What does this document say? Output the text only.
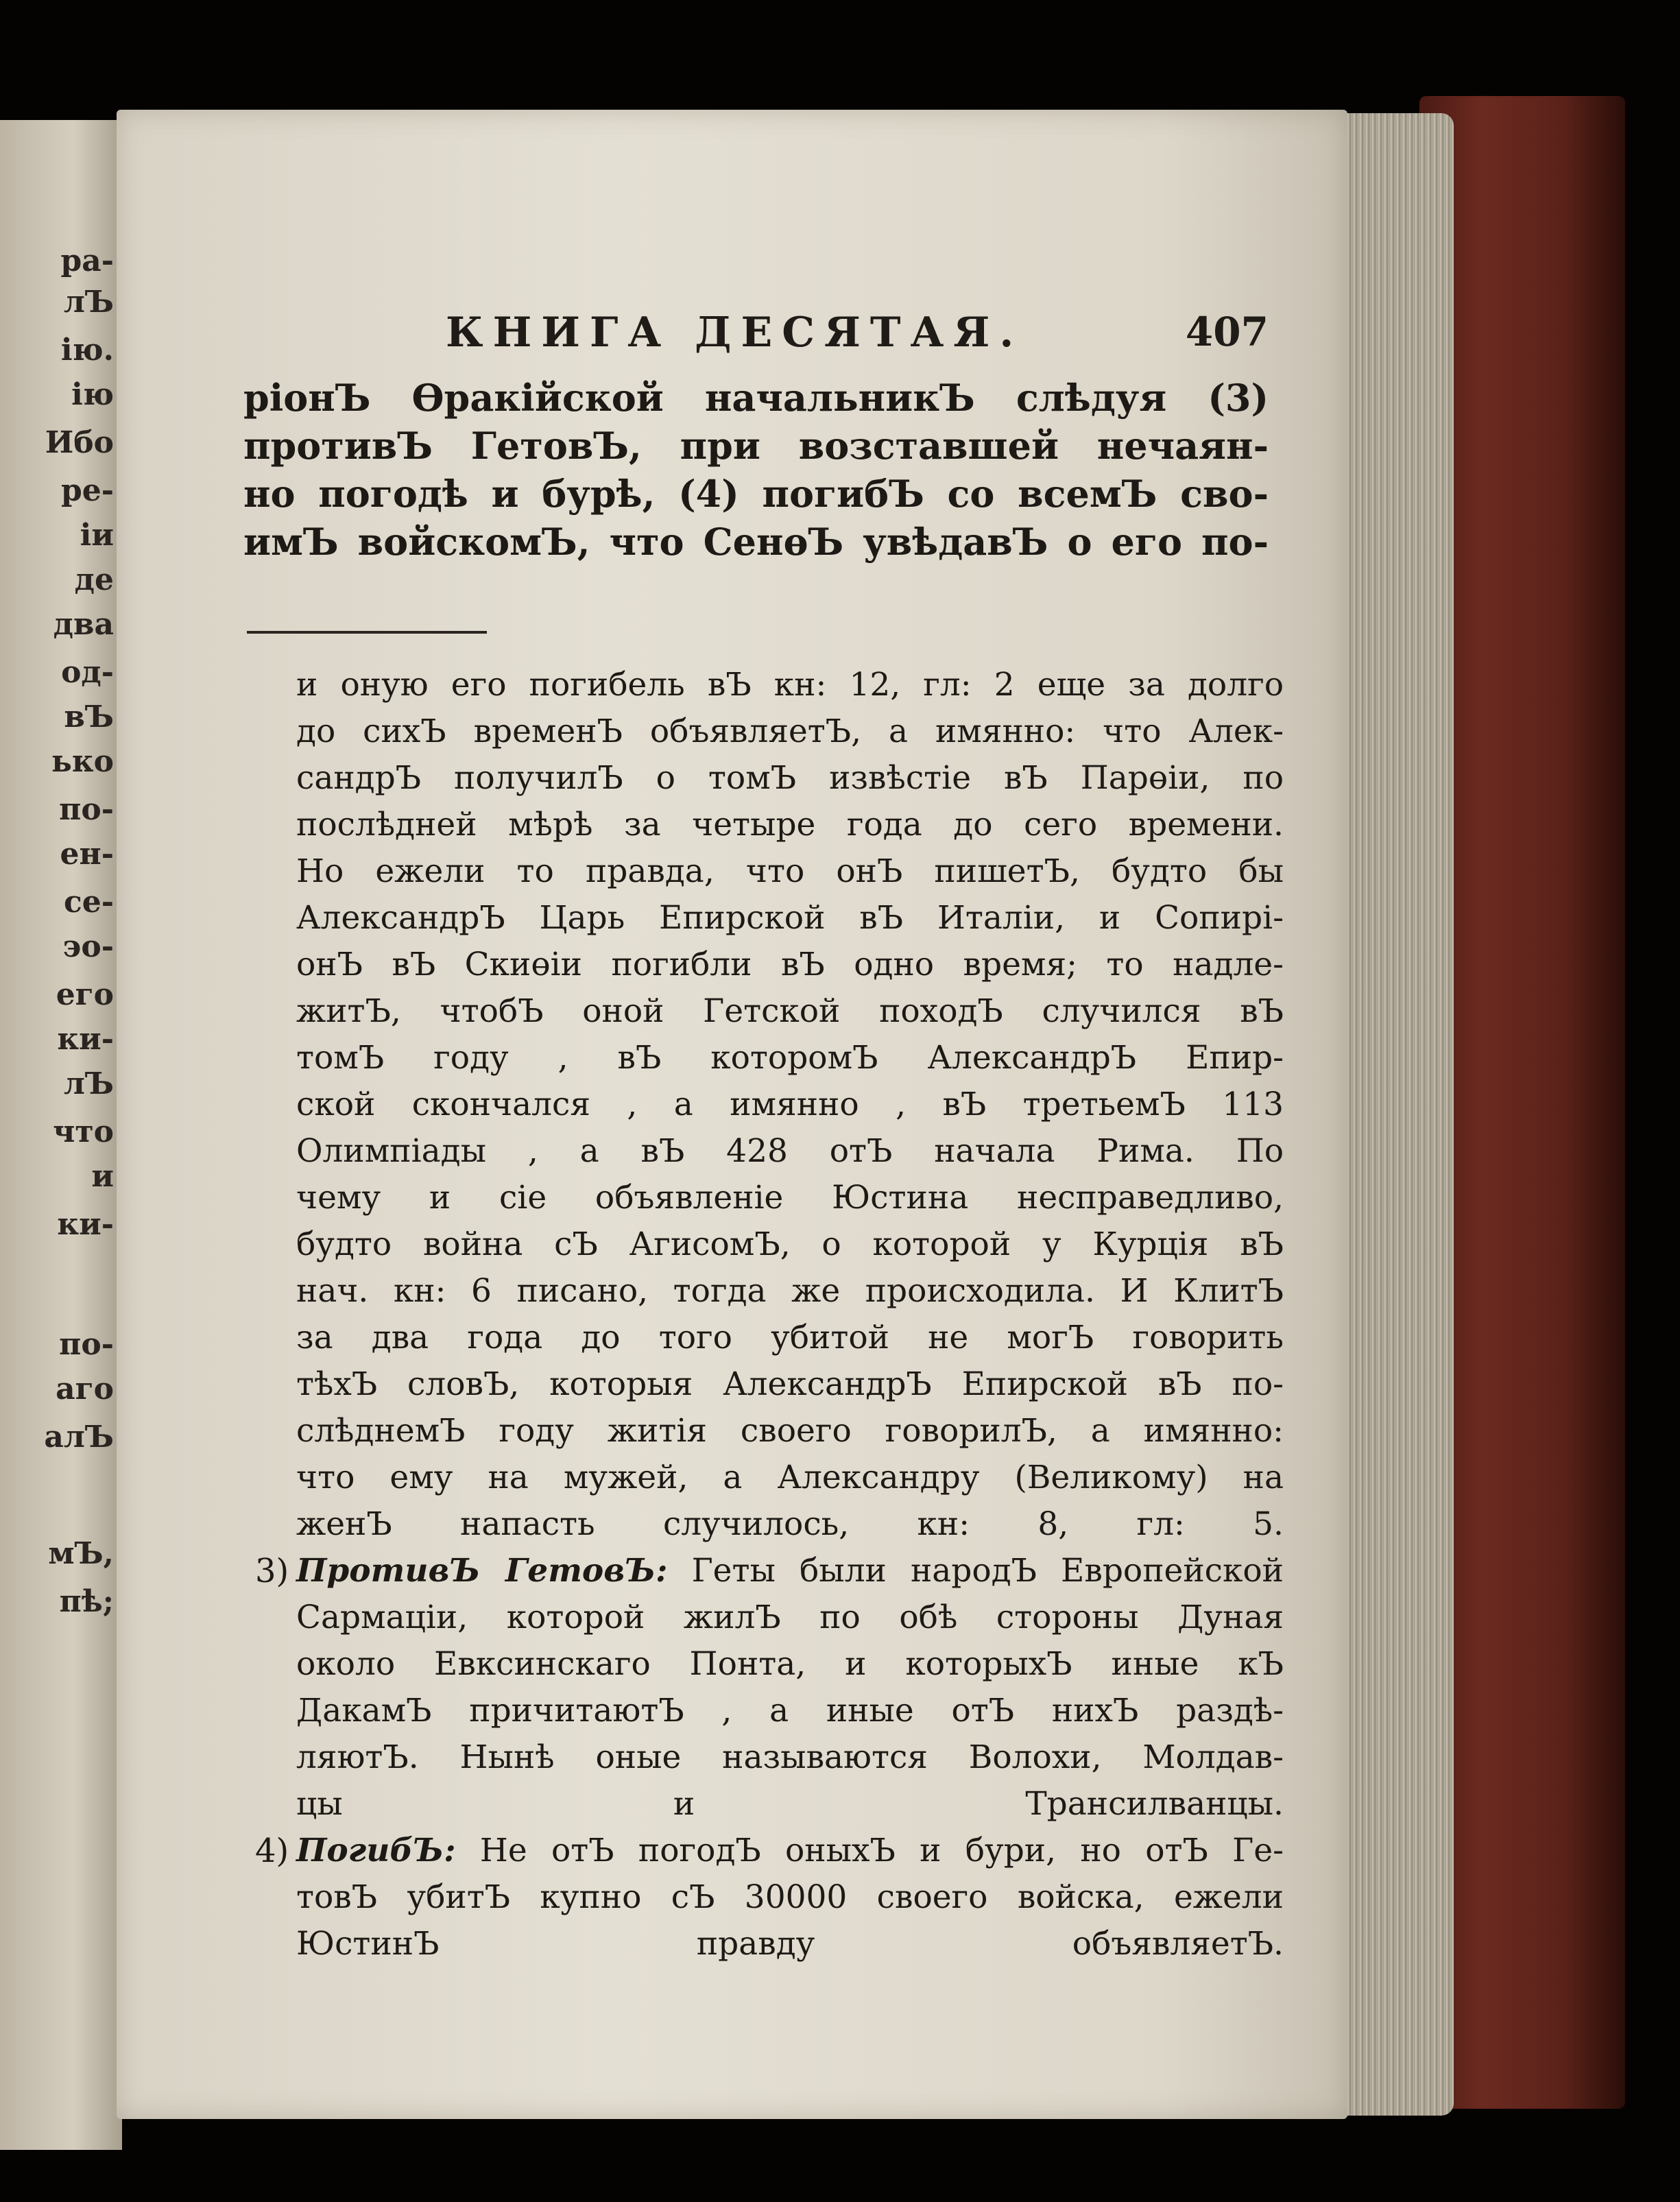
ра-
лЪ
iю.
iю
Ибо
ре-
iи
де
два
од-
вЪ
ько
по-
ен-
се-
эо-
его
ки-
лЪ
что
и
ки-
по-
аго
алЪ
мЪ,
пѣ;
КНИГА ДЕСЯТАЯ.	407
рiонЪ Өракiйской начальникЪ слѣдуя (3)
противЪ ГетовЪ, при возставшей нечаян-
но погодѣ и бурѣ, (4) погибЪ со всемЪ сво-
имЪ войскомЪ, что СенөЪ увѣдавЪ о его по-
и оную его погибель вЪ кн: 12, гл: 2 еще за долго
до сихЪ временЪ объявляетЪ, а имянно: что Алек-
сандрЪ получилЪ о томЪ извѣстiе вЪ Парөiи, по
послѣдней мѣрѣ за четыре года до сего времени.
Но ежели то правда, что онЪ пишетЪ, будто бы
АлександрЪ Царь Епирской вЪ Италiи, и Сопирi-
онЪ вЪ Скиөiи погибли вЪ одно время; то надле-
житЪ, чтобЪ оной Гетской походЪ случился вЪ
томЪ году , вЪ которомЪ АлександрЪ Епир-
ской скончался , а имянно , вЪ третьемЪ 113
Олимпiады , а вЪ 428 отЪ начала Рима. По
чему и сiе объявленiе Юстина несправедливо,
будто война сЪ АгисомЪ, о которой у Курцiя вЪ
нач. кн: 6 писано, тогда же происходила. И КлитЪ
за два года до того убитой не могЪ говорить
тѣхЪ словЪ, которыя АлександрЪ Епирской вЪ по-
слѣднемЪ году житiя своего говорилЪ, а имянно:
что ему на мужей, а Александру (Великому) на
женЪ напасть случилось, кн: 8, гл: 5.
3) ПротивЪ ГетовЪ: Геты были народЪ Европейской
Сармацiи, которой жилЪ по обѣ стороны Дуная
около Евксинскаго Понта, и которыхЪ иные кЪ
ДакамЪ причитаютЪ , а иные отЪ нихЪ раздѣ-
ляютЪ. Нынѣ оные называются Волохи, Молдав-
цы и Трансилванцы.
4) ПогибЪ: Не отЪ погодЪ оныхЪ и бури, но отЪ Ге-
товЪ убитЪ купно сЪ 30000 своего войска, ежели
ЮстинЪ правду объявляетЪ.
